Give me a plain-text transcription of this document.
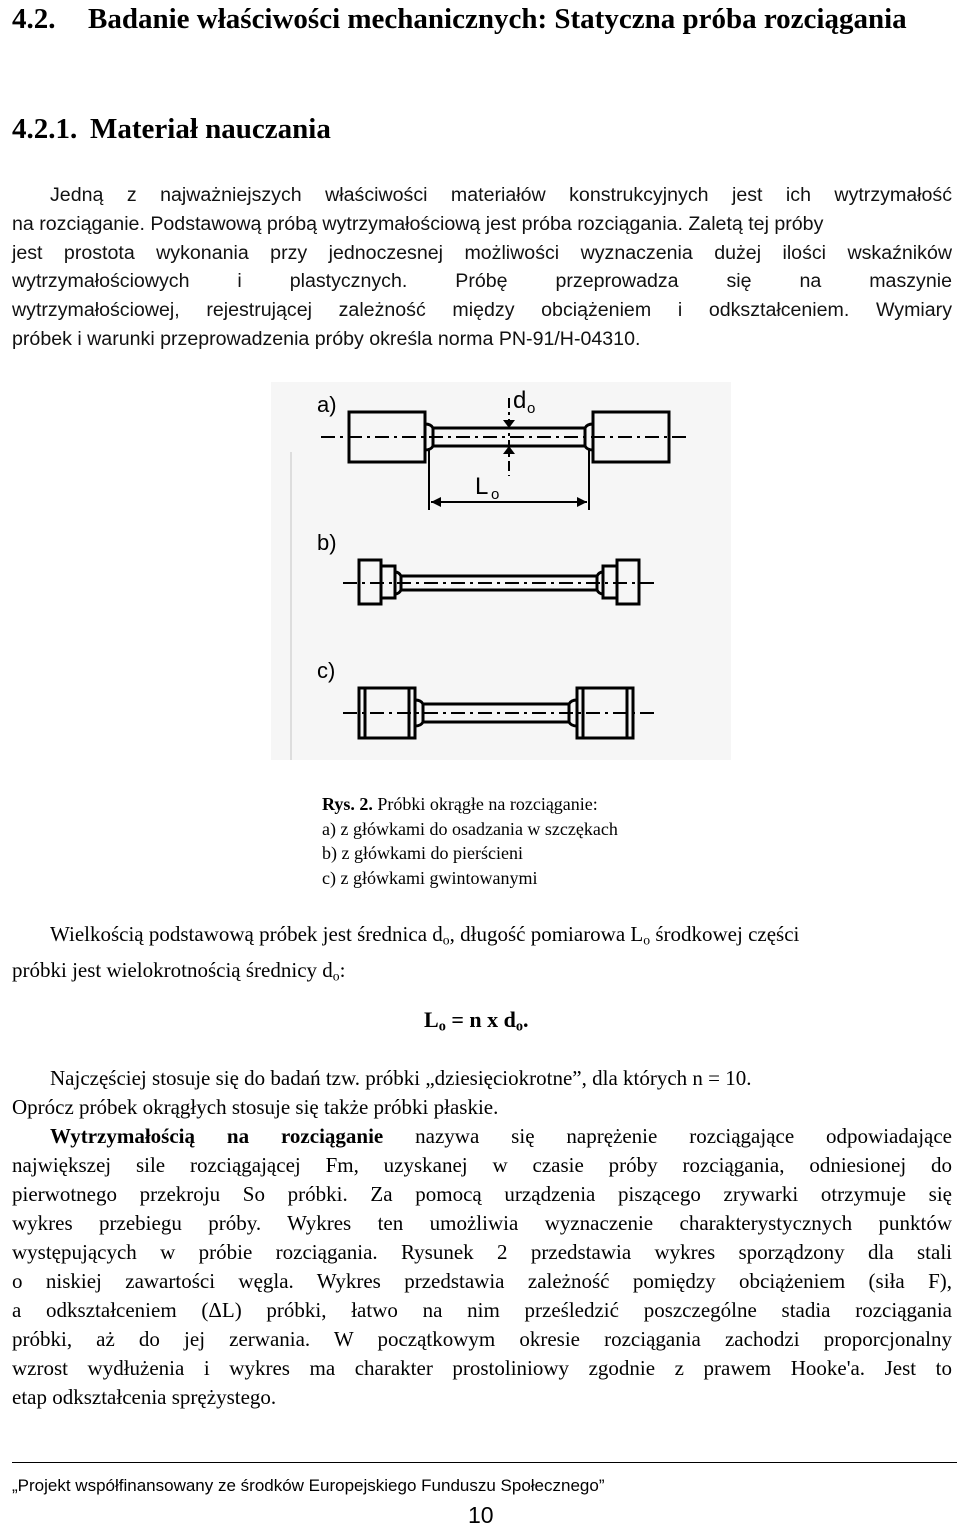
4.2. Badanie właściwości mechanicznych: Statyczna próba rozciągania
4.2.1. Materiał nauczania
Jedną z najważniejszych właściwości materiałów konstrukcyjnych jest ich wytrzymałość
na rozciąganie. Podstawową próbą wytrzymałościową jest próba rozciągania. Zaletą tej próby
jest prostota wykonania przy jednoczesnej możliwości wyznaczenia dużej ilości wskaźników
wytrzymałościowych i plastycznych. Próbę przeprowadza się na maszynie
wytrzymałościowej, rejestrującej zależność między obciążeniem i odkształceniem. Wymiary
próbek i warunki przeprowadzenia próby określa norma PN-91/H-04310.
a)	d o
L o
b)
c)
Rys. 2. Próbki okrągłe na rozciąganie:
a) z główkami do osadzania w szczękach
b) z główkami do pierścieni
c) z główkami gwintowanymi
Wielkością podstawową próbek jest średnica $d_o$, długość pomiarowa $L_o$ środkowej części
próbki jest wielokrotnością średnicy $d_o$:
$L_o = n$ x $d_o$.
Najczęściej stosuje się do badań tzw. próbki „dziesięciokrotne”, dla których n = 10.
Oprócz próbek okrągłych stosuje się także próbki płaskie.
Wytrzymałością na rozciąganie nazywa się naprężenie rozciągające odpowiadające
największej sile rozciągającej Fm, uzyskanej w czasie próby rozciągania, odniesionej do
pierwotnego przekroju So próbki. Za pomocą urządzenia piszącego zrywarki otrzymuje się
wykres przebiegu próby. Wykres ten umożliwia wyznaczenie charakterystycznych punktów
występujących w próbie rozciągania. Rysunek 2 przedstawia wykres sporządzony dla stali
o niskiej zawartości węgla. Wykres przedstawia zależność pomiędzy obciążeniem (siła F),
a odkształceniem (ΔL) próbki, łatwo na nim prześledzić poszczególne stadia rozciągania
próbki, aż do jej zerwania. W początkowym okresie rozciągania zachodzi proporcjonalny
wzrost wydłużenia i wykres ma charakter prostoliniowy zgodnie z prawem Hooke'a. Jest to
etap odkształcenia sprężystego.
„Projekt współfinansowany ze środków Europejskiego Funduszu Społecznego”
10
